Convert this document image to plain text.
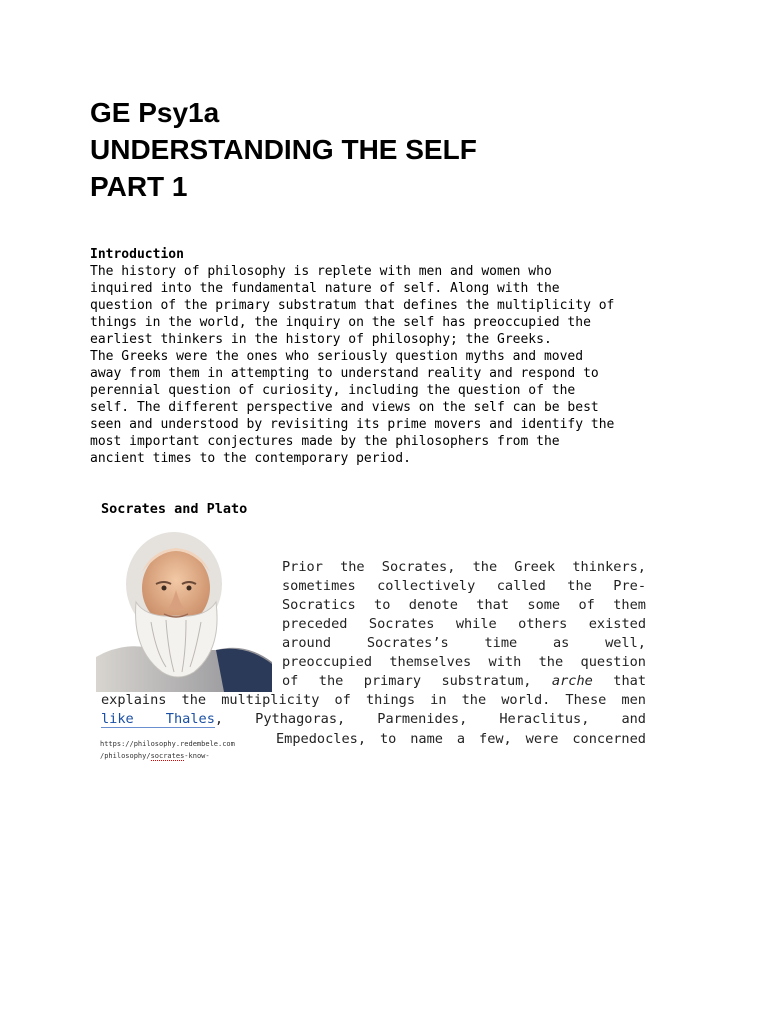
GE Psy1a
UNDERSTANDING THE SELF
PART 1
Introduction
The history of philosophy is replete with men and women who
inquired into the fundamental nature of self. Along with the
question of the primary substratum that defines the multiplicity of
things in the world, the inquiry on the self has preoccupied the
earliest thinkers in the history of philosophy; the Greeks.
The Greeks were the ones who seriously question myths and moved
away from them in attempting to understand reality and respond to
perennial question of curiosity, including the question of the
self. The different perspective and views on the self can be best
seen and understood by revisiting its prime movers and identify the
most important conjectures made by the philosophers from the
ancient times to the contemporary period.
Socrates and Plato
Prior the Socrates, the Greek thinkers,
sometimes collectively called the Pre-
Socratics to denote that some of them
preceded Socrates while others existed
around Socrates’s time as well,
preoccupied themselves with the question
of the primary substratum, arche that
explains the multiplicity of things in the world. These men
like Thales, Pythagoras, Parmenides, Heraclitus, and
https://philosophy.redembele.com
/philosophy/socrates-know-
Empedocles, to name a few, were concerned
